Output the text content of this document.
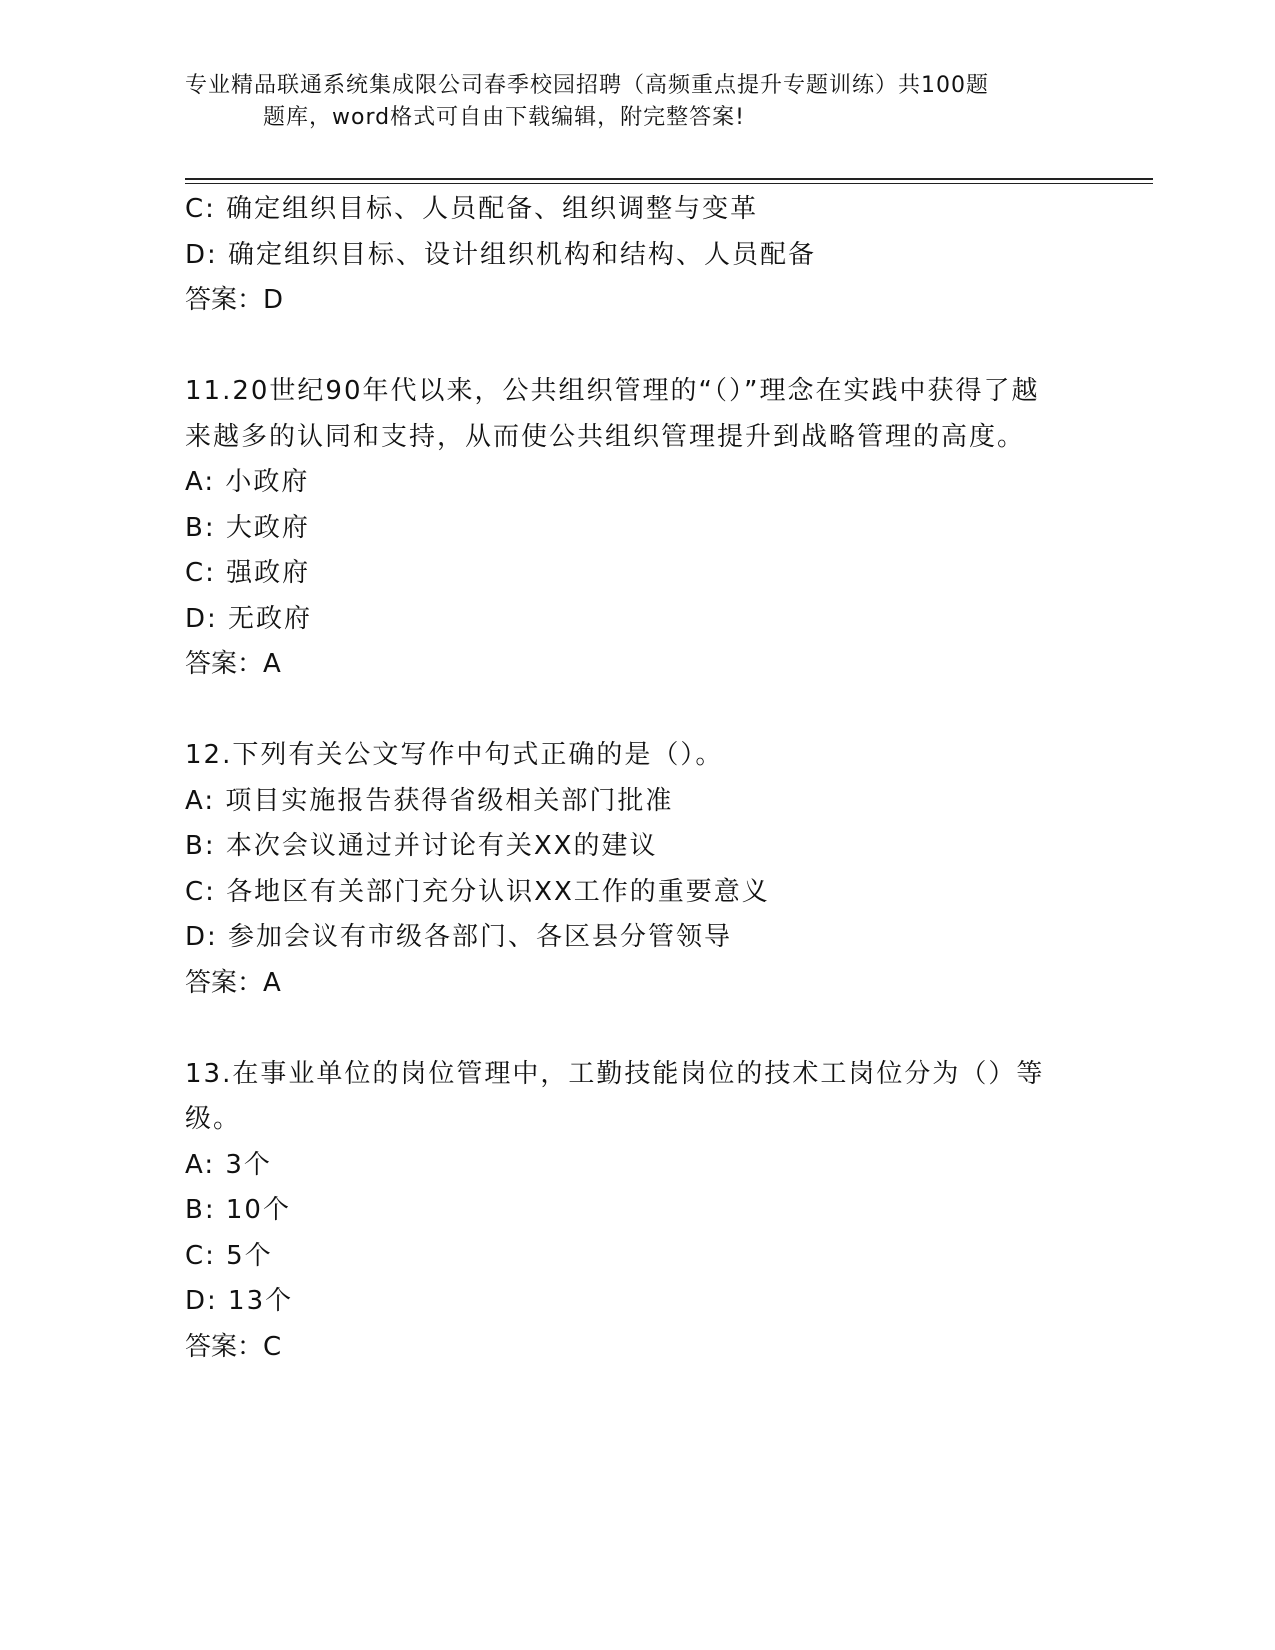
专业精品联通系统集成限公司春季校园招聘（高频重点提升专题训练）共100题
题库，word格式可自由下载编辑，附完整答案!
C: 确定组织目标、人员配备、组织调整与变革
D: 确定组织目标、设计组织机构和结构、人员配备
答案：D
11.20世纪90年代以来，公共组织管理的“（）”理念在实践中获得了越来越多的认同和支持，从而使公共组织管理提升到战略管理的高度。
A: 小政府
B: 大政府
C: 强政府
D: 无政府
答案：A
12.下列有关公文写作中句式正确的是（）。
A: 项目实施报告获得省级相关部门批准
B: 本次会议通过并讨论有关XX的建议
C: 各地区有关部门充分认识XX工作的重要意义
D: 参加会议有市级各部门、各区县分管领导
答案：A
13.在事业单位的岗位管理中，工勤技能岗位的技术工岗位分为（）等级。
A: 3个
B: 10个
C: 5个
D: 13个
答案：C
